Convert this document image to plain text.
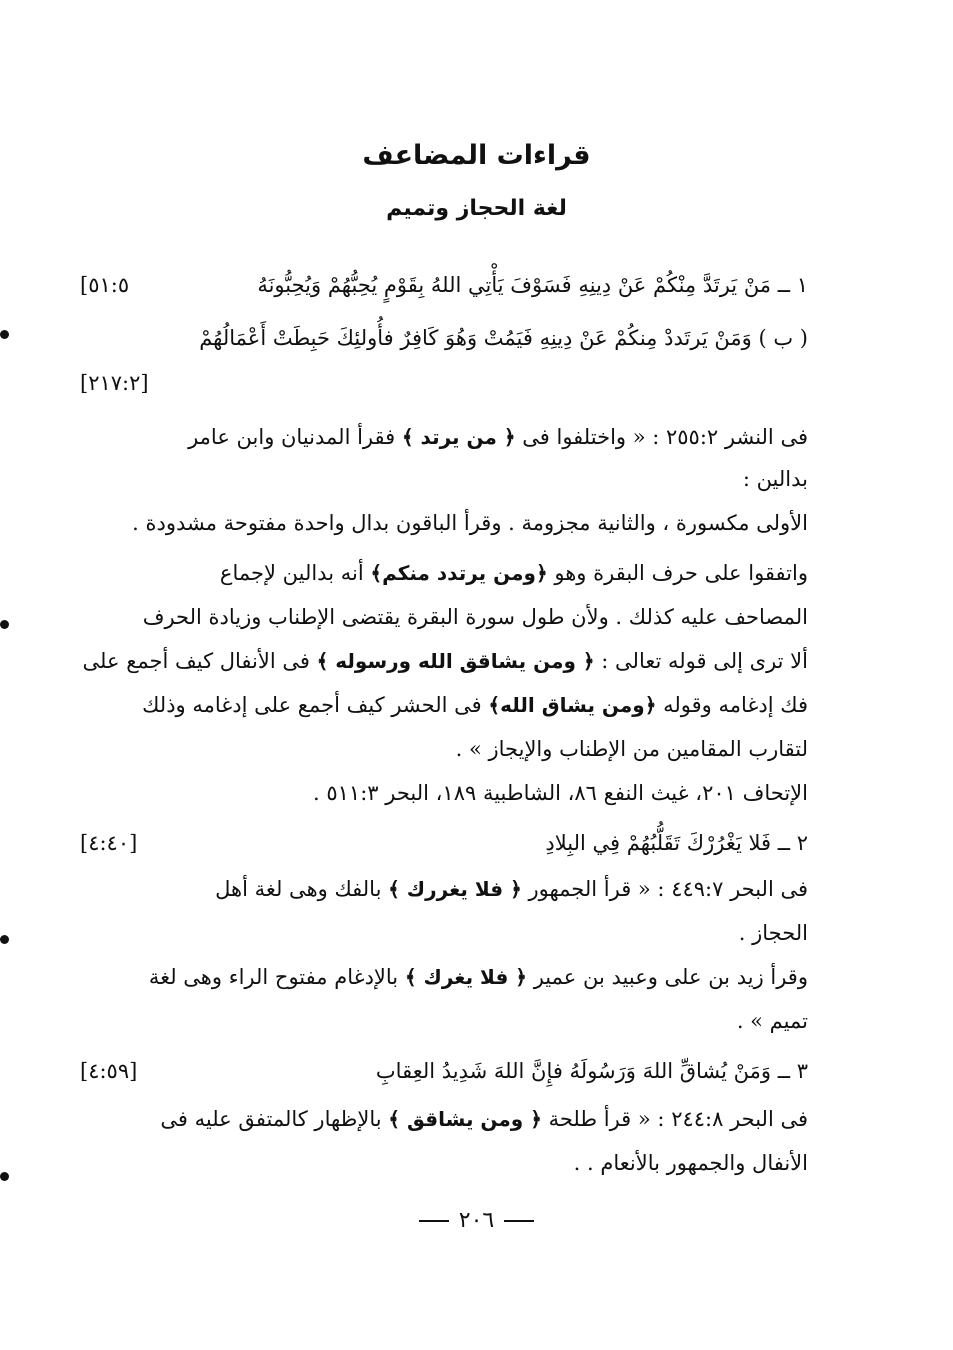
قراءات المضاعف
لغة الحجاز وتميم
١ ــ مَنْ يَرتَدَّ مِنْكُمْ عَنْ دِينِهِ فَسَوْفَ يَأْتِي اللهُ بِقَوْمٍ يُحِبُّهُمْ وَيُحِبُّونَهُ
[٥١:٥
( ب ) وَمَنْ يَرتَددْ مِنكُمْ عَنْ دِينِهِ فَيَمُتْ وَهُوَ كَافِرٌ فأُولئِكَ حَبِطَتْ أَعْمَالُهُمْ
[٢١٧:٢]
فى النشر ٢٥٥:٢ : « واختلفوا فى ﴿ من يرتد ﴾ فقرأ المدنيان وابن عامر
بدالين :
الأولى مكسورة ، والثانية مجزومة . وقرأ الباقون بدال واحدة مفتوحة مشدودة .
واتفقوا على حرف البقرة وهو ﴿ومن يرتدد منكم﴾ أنه بدالين لإجماع
المصاحف عليه كذلك . ولأن طول سورة البقرة يقتضى الإطناب وزيادة الحرف
ألا ترى إلى قوله تعالى : ﴿ ومن يشاقق الله ورسوله ﴾ فى الأنفال كيف أجمع على
فك إدغامه وقوله ﴿ومن يشاق الله﴾ فى الحشر كيف أجمع على إدغامه وذلك
لتقارب المقامين من الإطناب والإيجاز » .
الإتحاف ٢٠١، غيث النفع ٨٦، الشاطبية ١٨٩، البحر ٥١١:٣ .
٢ ــ فَلا يَغْرُرْكَ تَقَلُّبُهُمْ فِي البِلادِ
[٤:٤٠]
فى البحر ٤٤٩:٧ : « قرأ الجمهور ﴿ فلا يغررك ﴾ بالفك وهى لغة أهل
الحجاز .
وقرأ زيد بن على وعبيد بن عمير ﴿ فلا يغرك ﴾ بالإدغام مفتوح الراء وهى لغة
تميم » .
٣ ــ وَمَنْ يُشاقِّ اللهَ وَرَسُولَهُ فإِنَّ اللهَ شَدِيدُ العِقابِ
[٤:٥٩]
فى البحر ٢٤٤:٨ : « قرأ طلحة ﴿ ومن يشاقق ﴾ بالإظهار كالمتفق عليه فى
الأنفال والجمهور بالأنعام . .
٢٠٦
